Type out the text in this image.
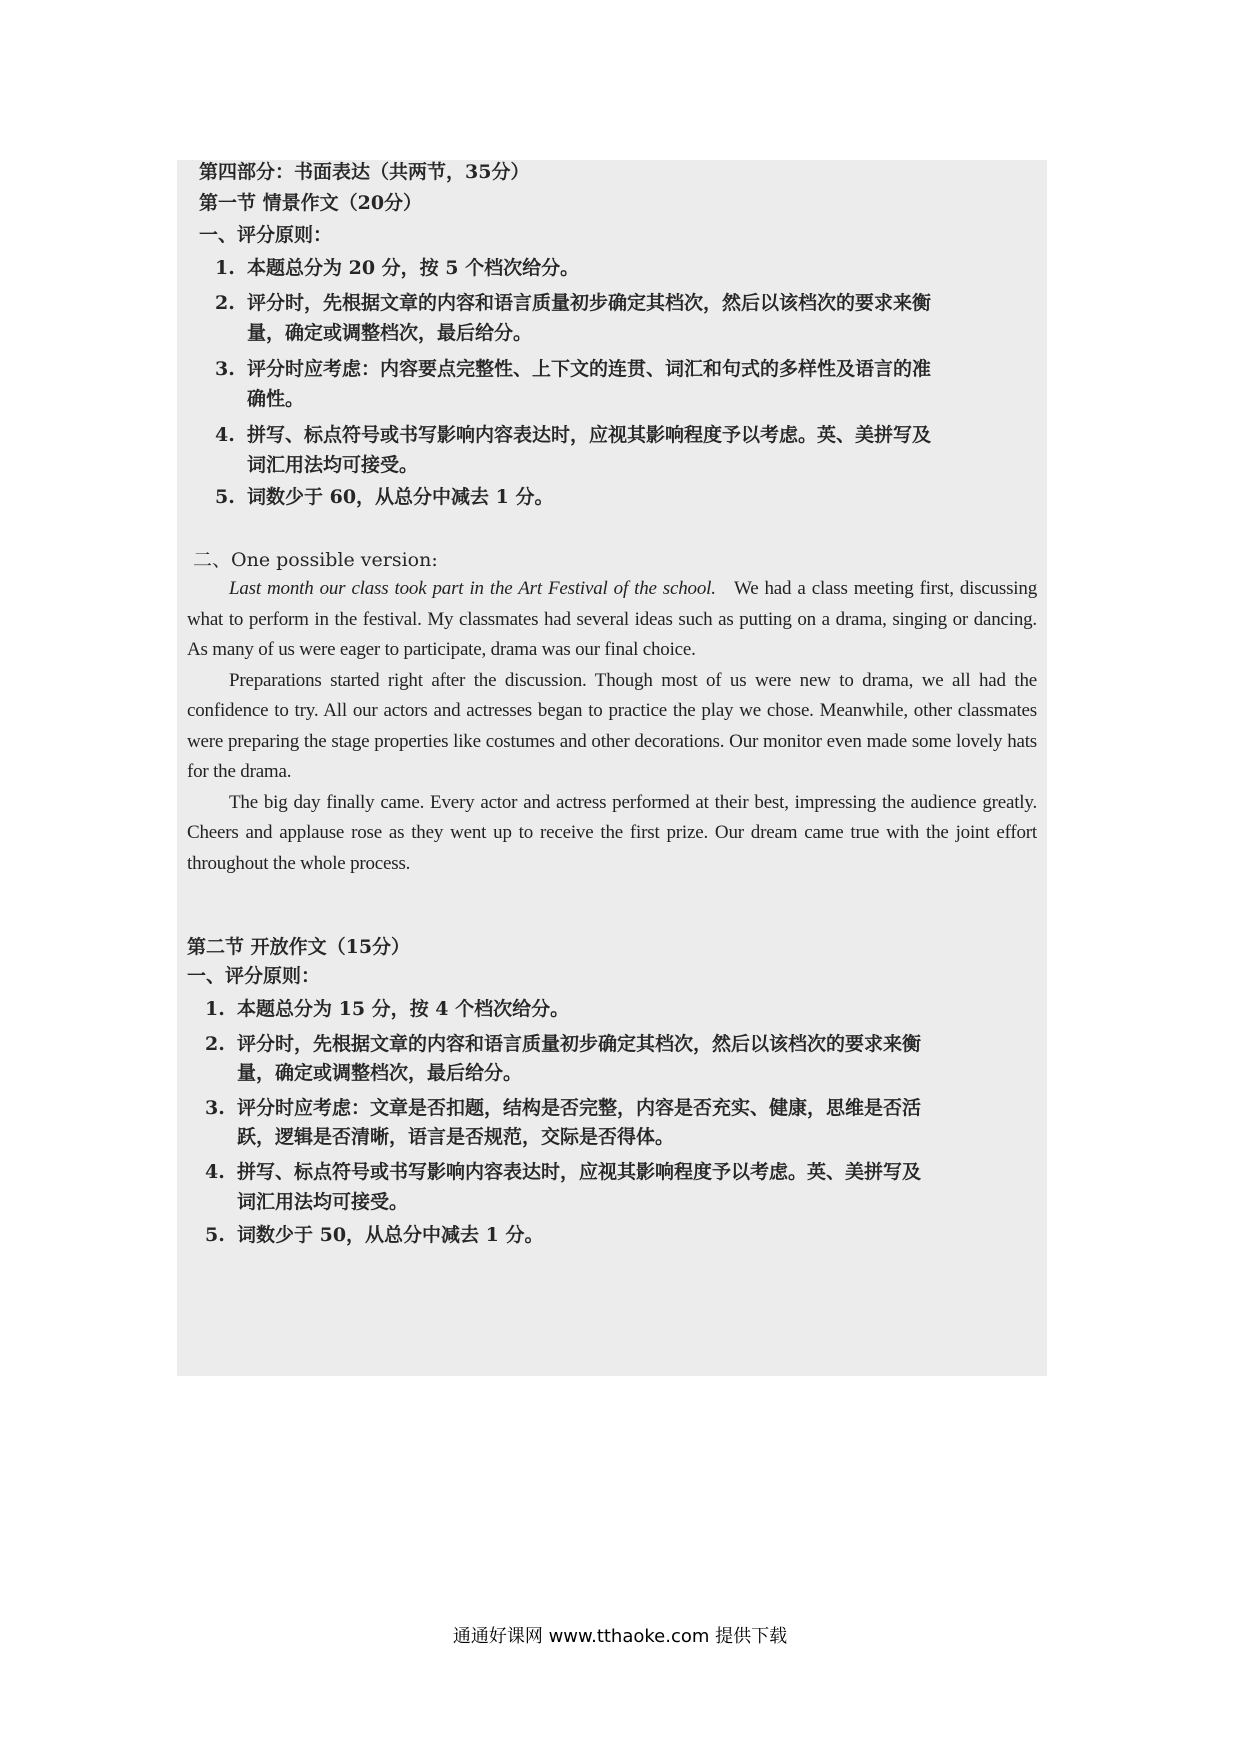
第四部分：书面表达（共两节，35分）
第一节 情景作文（20分）
一、评分原则：
1. 本题总分为 20 分，按 5 个档次给分。
2. 评分时，先根据文章的内容和语言质量初步确定其档次，然后以该档次的要求来衡
量，确定或调整档次，最后给分。
3. 评分时应考虑：内容要点完整性、上下文的连贯、词汇和句式的多样性及语言的准
确性。
4. 拼写、标点符号或书写影响内容表达时，应视其影响程度予以考虑。英、美拼写及
词汇用法均可接受。
5. 词数少于 60，从总分中减去 1 分。
二、One possible version:

Last month our class took part in the Art Festival of the school. We had a class meeting first, discussing what to perform in the festival. My classmates had several ideas such as putting on a drama, singing or dancing. As many of us were eager to participate, drama was our final choice.

Preparations started right after the discussion. Though most of us were new to drama, we all had the confidence to try. All our actors and actresses began to practice the play we chose. Meanwhile, other classmates were preparing the stage properties like costumes and other decorations. Our monitor even made some lovely hats for the drama.

The big day finally came. Every actor and actress performed at their best, impressing the audience greatly. Cheers and applause rose as they went up to receive the first prize. Our dream came true with the joint effort throughout the whole process.

第二节 开放作文（15分）
一、评分原则：
1. 本题总分为 15 分，按 4 个档次给分。
2. 评分时，先根据文章的内容和语言质量初步确定其档次，然后以该档次的要求来衡
量，确定或调整档次，最后给分。
3. 评分时应考虑：文章是否扣题，结构是否完整，内容是否充实、健康，思维是否活
跃，逻辑是否清晰，语言是否规范，交际是否得体。
4. 拼写、标点符号或书写影响内容表达时，应视其影响程度予以考虑。英、美拼写及
词汇用法均可接受。
5. 词数少于 50，从总分中减去 1 分。
通通好课网 www.tthaoke.com 提供下载
